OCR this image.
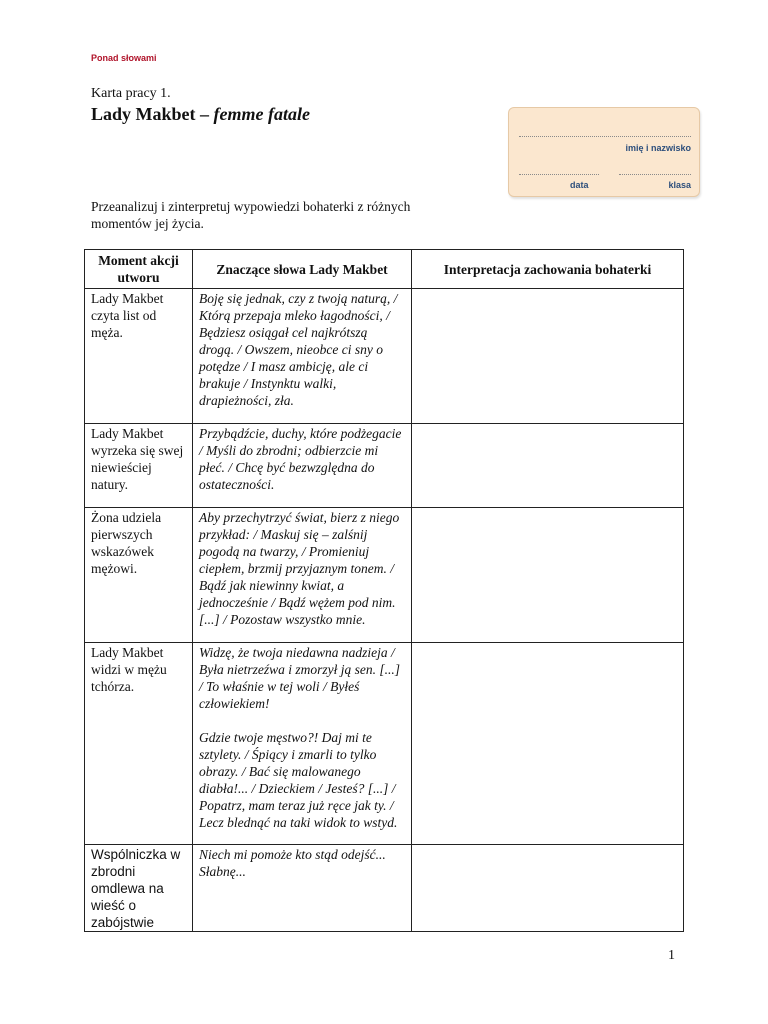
Ponad słowami
Karta pracy 1.
Lady Makbet – femme fatale
imię i nazwisko
data	klasa
Przeanalizuj i zinterpretuj wypowiedzi bohaterki z różnych momentów jej życia.
Moment akcji utworu	Znaczące słowa Lady Makbet	Interpretacja zachowania bohaterki
Lady Makbet czyta list od męża.	Boję się jednak, czy z twoją naturą, / Którą przepaja mleko łagodności, / Będziesz osiągał cel najkrótszą drogą. / Owszem, nieobce ci sny o potędze / I masz ambicję, ale ci brakuje / Instynktu walki, drapieżności, zła.	
Lady Makbet wyrzeka się swej niewieściej natury.	Przybądźcie, duchy, które podżegacie / Myśli do zbrodni; odbierzcie mi płeć. / Chcę być bezwzględna do ostateczności.	
Żona udziela pierwszych wskazówek mężowi.	Aby przechytrzyć świat, bierz z niego przykład: / Maskuj się – zalśnij pogodą na twarzy, / Promieniuj ciepłem, brzmij przyjaznym tonem. / Bądź jak niewinny kwiat, a jednocześnie / Bądź wężem pod nim. [...] / Pozostaw wszystko mnie.	
Lady Makbet widzi w mężu tchórza.	Widzę, że twoja niedawna nadzieja / Była nietrzeźwa i zmorzył ją sen. [...] / To właśnie w tej woli / Byłeś człowiekiem!
Gdzie twoje męstwo?! Daj mi te sztylety. / Śpiący i zmarli to tylko obrazy. / Bać się malowanego diabła!... / Dzieckiem / Jesteś? [...] / Popatrz, mam teraz już ręce jak ty. / Lecz blednąć na taki widok to wstyd.	

Wspólniczka w zbrodni omdlewa na wieść o zabójstwie	Niech mi pomoże kto stąd odejść... Słabnę...	
1
